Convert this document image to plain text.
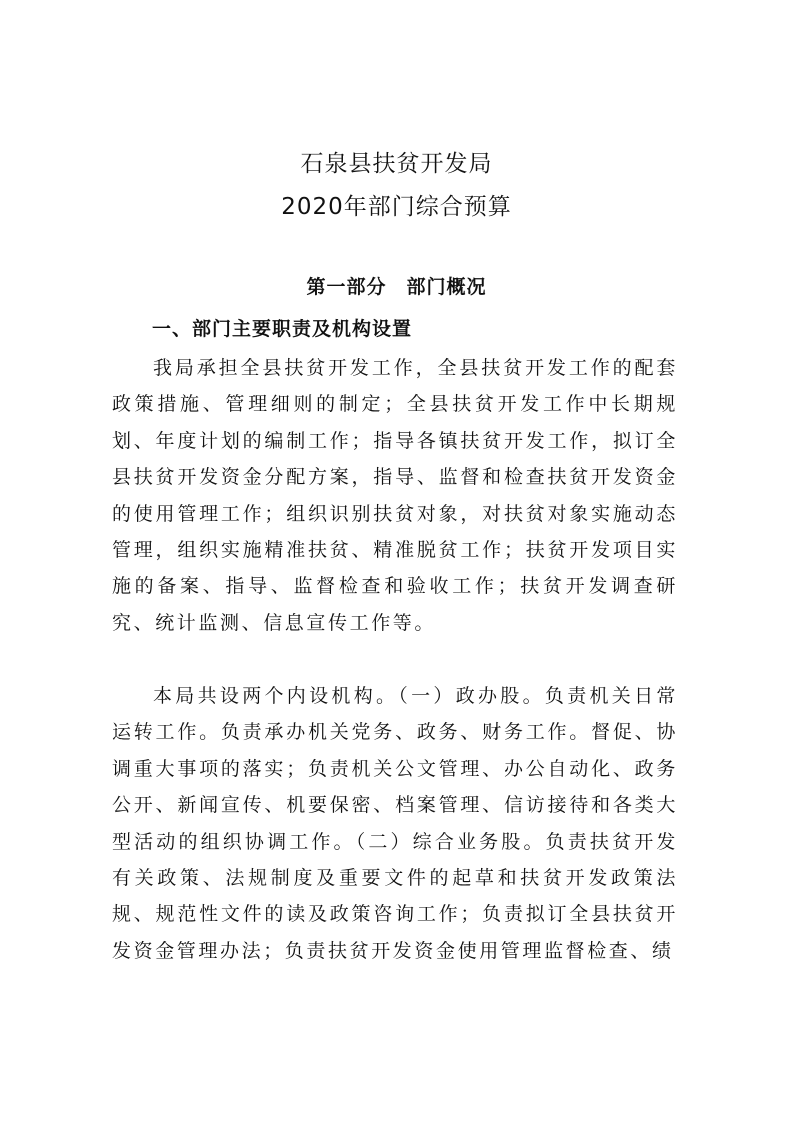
石泉县扶贫开发局
2020年部门综合预算
第一部分　部门概况
一、部门主要职责及机构设置

我局承担全县扶贫开发工作，全县扶贫开发工作的配套政策措施、管理细则的制定；全县扶贫开发工作中长期规划、年度计划的编制工作；指导各镇扶贫开发工作，拟订全县扶贫开发资金分配方案，指导、监督和检查扶贫开发资金的使用管理工作；组织识别扶贫对象，对扶贫对象实施动态管理，组织实施精准扶贫、精准脱贫工作；扶贫开发项目实施的备案、指导、监督检查和验收工作；扶贫开发调查研究、统计监测、信息宣传工作等。

本局共设两个内设机构。（一）政办股。负责机关日常运转工作。负责承办机关党务、政务、财务工作。督促、协调重大事项的落实；负责机关公文管理、办公自动化、政务公开、新闻宣传、机要保密、档案管理、信访接待和各类大型活动的组织协调工作。（二）综合业务股。负责扶贫开发有关政策、法规制度及重要文件的起草和扶贫开发政策法规、规范性文件的读及政策咨询工作；负责拟订全县扶贫开发资金管理办法；负责扶贫开发资金使用管理监督检查、绩
